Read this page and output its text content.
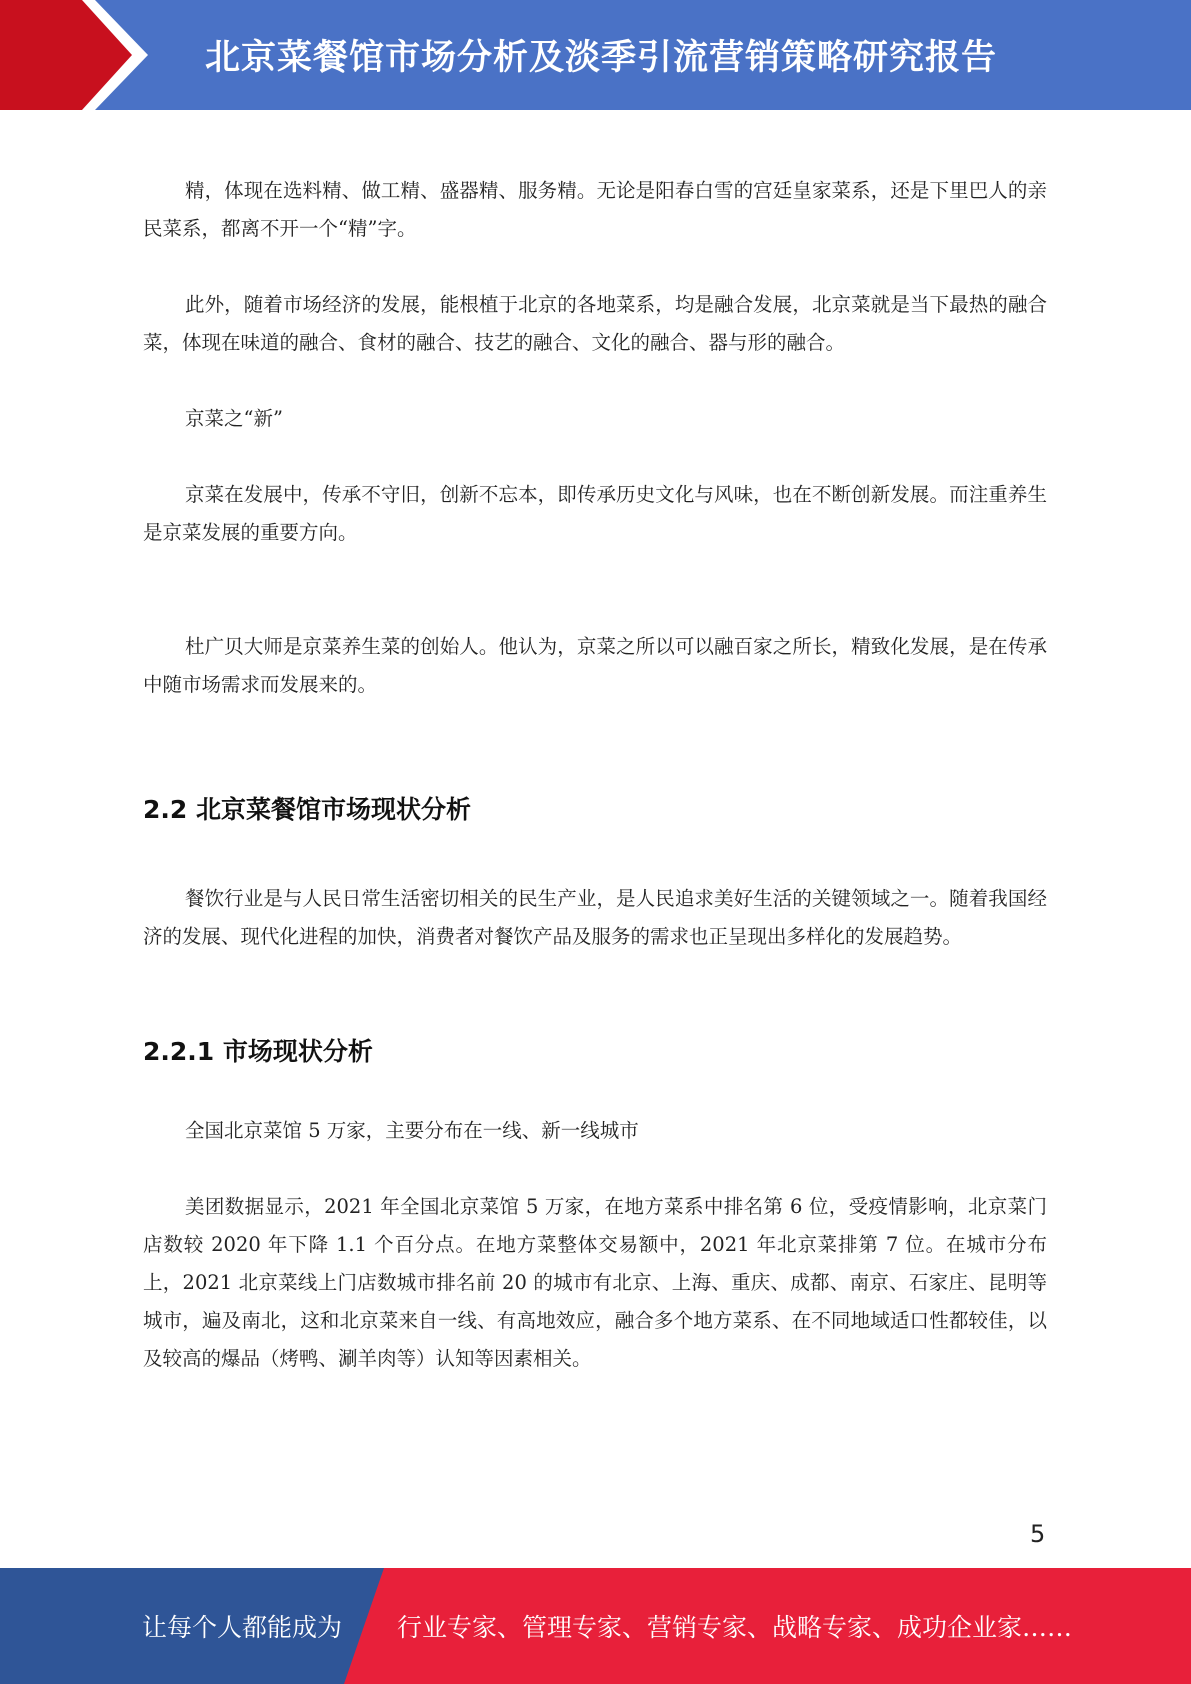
北京菜餐馆市场分析及淡季引流营销策略研究报告

精，体现在选料精、做工精、盛器精、服务精。无论是阳春白雪的宫廷皇家菜系，还是下里巴人的亲民菜系，都离不开一个“精”字。

此外，随着市场经济的发展，能根植于北京的各地菜系，均是融合发展，北京菜就是当下最热的融合菜，体现在味道的融合、食材的融合、技艺的融合、文化的融合、器与形的融合。

京菜之“新”

京菜在发展中，传承不守旧，创新不忘本，即传承历史文化与风味，也在不断创新发展。而注重养生是京菜发展的重要方向。

杜广贝大师是京菜养生菜的创始人。他认为，京菜之所以可以融百家之所长，精致化发展，是在传承中随市场需求而发展来的。

2.2 北京菜餐馆市场现状分析

餐饮行业是与人民日常生活密切相关的民生产业，是人民追求美好生活的关键领域之一。随着我国经济的发展、现代化进程的加快，消费者对餐饮产品及服务的需求也正呈现出多样化的发展趋势。

2.2.1 市场现状分析

全国北京菜馆 5 万家，主要分布在一线、新一线城市

美团数据显示，2021 年全国北京菜馆 5 万家，在地方菜系中排名第 6 位，受疫情影响，北京菜门店数较 2020 年下降 1.1 个百分点。在地方菜整体交易额中，2021 年北京菜排第 7 位。在城市分布上，2021 北京菜线上门店数城市排名前 20 的城市有北京、上海、重庆、成都、南京、石家庄、昆明等城市，遍及南北，这和北京菜来自一线、有高地效应，融合多个地方菜系、在不同地域适口性都较佳，以及较高的爆品（烤鸭、涮羊肉等）认知等因素相关。

5
让每个人都能成为 行业专家、管理专家、营销专家、战略专家、成功企业家……
